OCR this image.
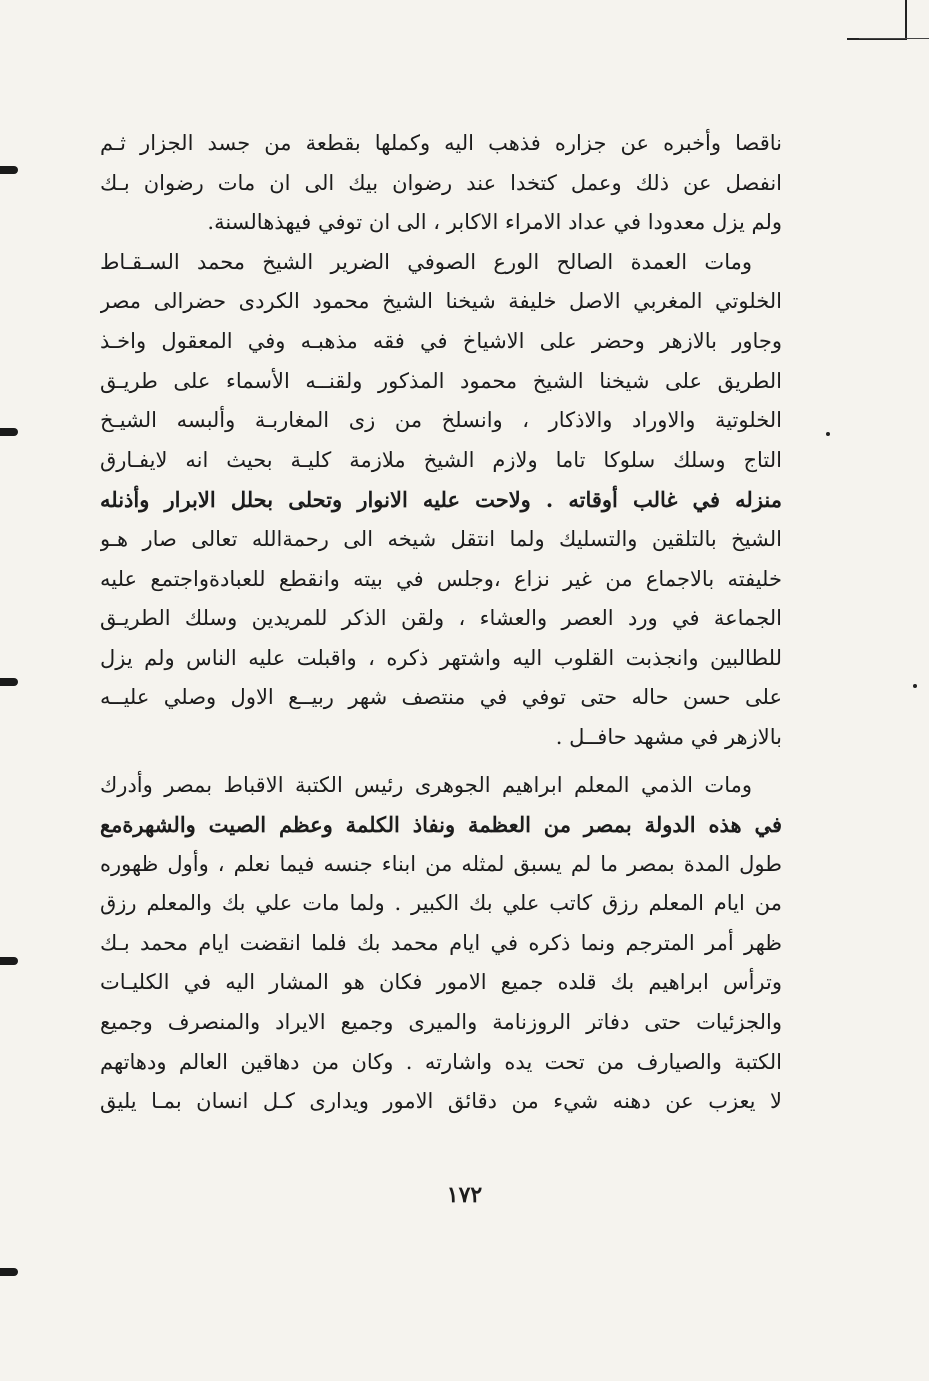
ناقصا وأخبره عن جزاره فذهب اليه وكملها بقطعة من جسد الجزار ثـم
انفصل عن ذلك وعمل كتخدا عند رضوان بيك الى ان مات رضوان بـك
ولم يزل معدودا في عداد الامراء الاكابر ، الى ان توفي فيهذهالسنة.
ومات العمدة الصالح الورع الصوفي الضرير الشيخ محمد السـقـاط
الخلوتي المغربي الاصل خليفة شيخنا الشيخ محمود الكردى حضرالى مصر
وجاور بالازهر وحضر على الاشياخ في فقه مذهبـه وفي المعقول واخـذ
الطريق على شيخنا الشيخ محمود المذكور ولقنــه الأسماء على طريـق
الخلوتية والاوراد والاذكار ، وانسلخ من زى المغاربـة وألبسه الشيـخ
التاج وسلك سلوكا تاما ولازم الشيخ ملازمة كليـة بحيث انه لايفـارق
منزله في غالب أوقاته . ولاحت عليه الانوار وتحلى بحلل الابرار وأذنله
الشيخ بالتلقين والتسليك ولما انتقل شيخه الى رحمةالله تعالى صار هـو
خليفته بالاجماع من غير نزاع ،وجلس في بيته وانقطع للعبادةواجتمع عليه
الجماعة في ورد العصر والعشاء ، ولقن الذكر للمريدين وسلك الطريـق
للطالبين وانجذبت القلوب اليه واشتهر ذكره ، واقبلت عليه الناس ولم يزل
على حسن حاله حتى توفي في منتصف شهر ربيــع الاول وصلي عليــه
بالازهر في مشهد حافــل .
ومات الذمي المعلم ابراهيم الجوهرى رئيس الكتبة الاقباط بمصر وأدرك
في هذه الدولة بمصر من العظمة ونفاذ الكلمة وعظم الصيت والشهرةمع
طول المدة بمصر ما لم يسبق لمثله من ابناء جنسه فيما نعلم ، وأول ظهوره
من ايام المعلم رزق كاتب علي بك الكبير . ولما مات علي بك والمعلم رزق
ظهر أمر المترجم ونما ذكره في ايام محمد بك فلما انقضت ايام محمد بـك
وترأس ابراهيم بك قلده جميع الامور فكان هو المشار اليه في الكليـات
والجزئيات حتى دفاتر الروزنامة والميرى وجميع الايراد والمنصرف وجميع
الكتبة والصيارف من تحت يده واشارته . وكان من دهاقين العالم ودهاتهم
لا يعزب عن دهنه شيء من دقائق الامور ويدارى كـل انسان بمـا يليق
١٧٢
